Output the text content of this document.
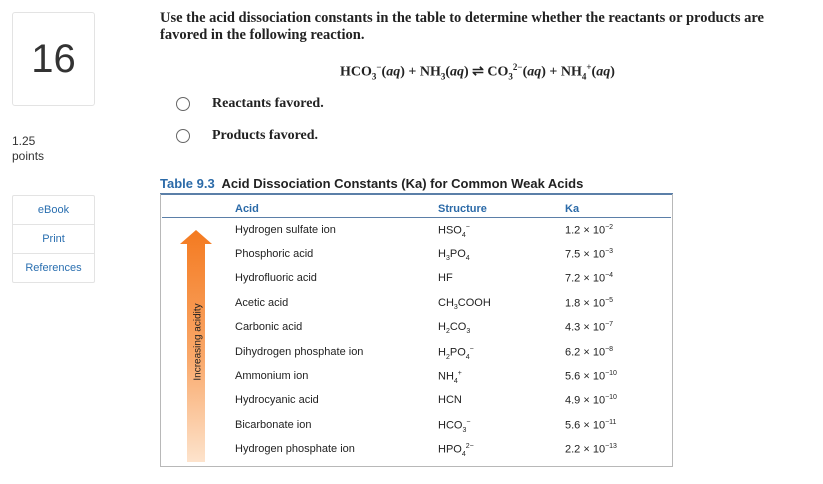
16
1.25
points
eBook
Print
References
Use the acid dissociation constants in the table to determine whether the reactants or products are favored in the following reaction.
$HCO_3^-(aq) + NH_3(aq)$ ⇌ $CO_3^{2-}(aq) + NH_4^+(aq)$
Reactants favored.
Products favored.
Table 9.3 Acid Dissociation Constants (Ka) for Common Weak Acids
Acid	Structure	Ka
Increasing acidity
Hydrogen sulfate ion	$HSO_4^-$	$1.2 \times 10^{-2}$
Phosphoric acid	$H_3PO_4$	$7.5 \times 10^{-3}$
Hydrofluoric acid	HF	$7.2 \times 10^{-4}$
Acetic acid	$CH_3COOH$	$1.8 \times 10^{-5}$
Carbonic acid	$H_2CO_3$	$4.3 \times 10^{-7}$
Dihydrogen phosphate ion	$H_2PO_4^-$	$6.2 \times 10^{-8}$
Ammonium ion	$NH_4^+$	$5.6 \times 10^{-10}$
Hydrocyanic acid	HCN	$4.9 \times 10^{-10}$
Bicarbonate ion	$HCO_3^-$	$5.6 \times 10^{-11}$
Hydrogen phosphate ion	$HPO_4^{2-}$	$2.2 \times 10^{-13}$
